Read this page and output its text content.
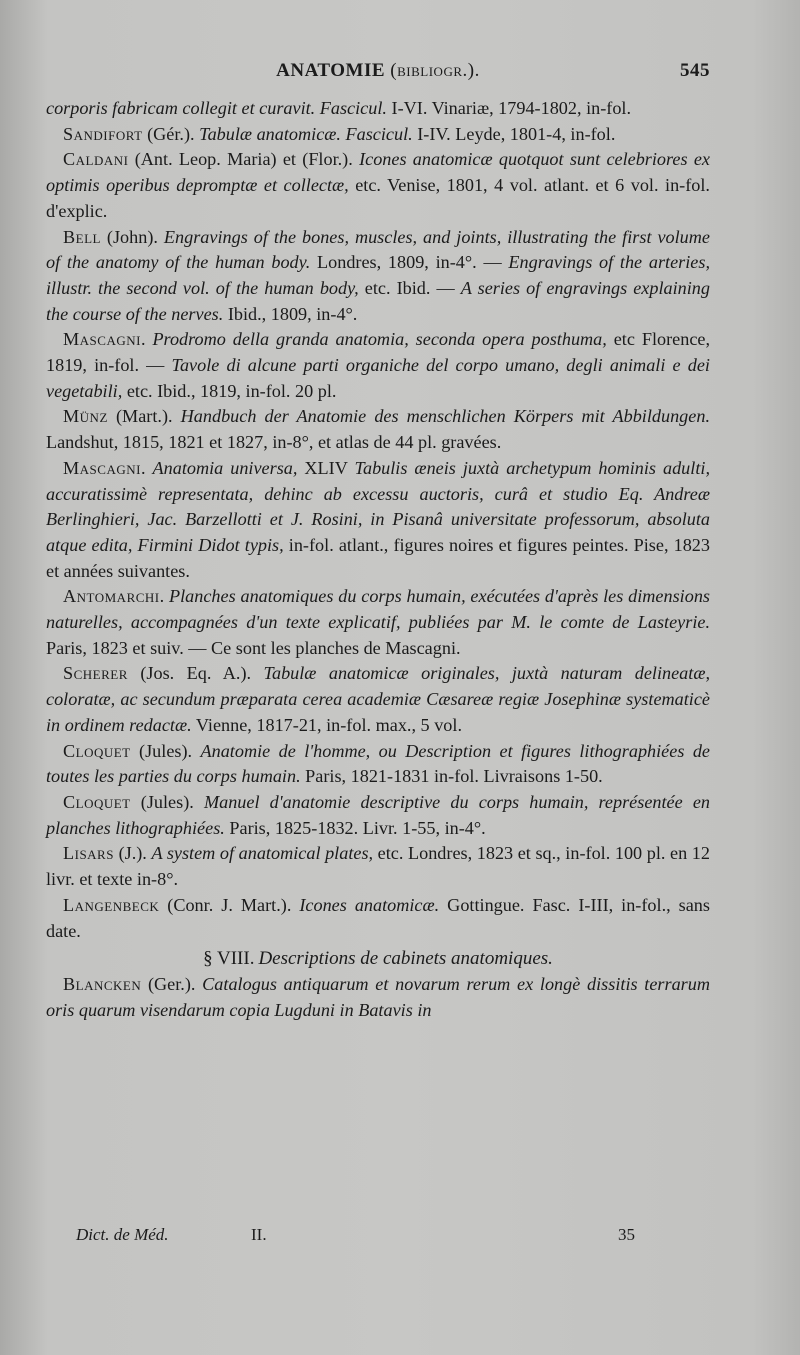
ANATOMIE (bibliogr.).	545

corporis fabricam collegit et curavit. Fascicul. I-VI. Vinariæ, 1794-1802, in-fol.

Sandifort (Gér.). Tabulæ anatomicæ. Fascicul. I-IV. Leyde, 1801-4, in-fol.

Caldani (Ant. Leop. Maria) et (Flor.). Icones anatomicæ quotquot sunt celebriores ex optimis operibus depromptæ et collectæ, etc. Venise, 1801, 4 vol. atlant. et 6 vol. in-fol. d'explic.

Bell (John). Engravings of the bones, muscles, and joints, illustrating the first volume of the anatomy of the human body. Londres, 1809, in-4°. — Engravings of the arteries, illustr. the second vol. of the human body, etc. Ibid. — A series of engravings explaining the course of the nerves. Ibid., 1809, in-4°.

Mascagni. Prodromo della granda anatomia, seconda opera posthuma, etc Florence, 1819, in-fol. — Tavole di alcune parti organiche del corpo umano, degli animali e dei vegetabili, etc. Ibid., 1819, in-fol. 20 pl.

Münz (Mart.). Handbuch der Anatomie des menschlichen Körpers mit Abbildungen. Landshut, 1815, 1821 et 1827, in-8°, et atlas de 44 pl. gravées.

Mascagni. Anatomia universa, XLIV Tabulis æneis juxtà archetypum hominis adulti, accuratissimè representata, dehinc ab excessu auctoris, curâ et studio Eq. Andreæ Berlinghieri, Jac. Barzellotti et J. Rosini, in Pisanâ universitate professorum, absoluta atque edita, Firmini Didot typis, in-fol. atlant., figures noires et figures peintes. Pise, 1823 et années suivantes.

Antomarchi. Planches anatomiques du corps humain, exécutées d'après les dimensions naturelles, accompagnées d'un texte explicatif, publiées par M. le comte de Lasteyrie. Paris, 1823 et suiv. — Ce sont les planches de Mascagni.

Scherer (Jos. Eq. A.). Tabulæ anatomicæ originales, juxtà naturam delineatæ, coloratæ, ac secundum præparata cerea academiæ Cæsareæ regiæ Josephinæ systematicè in ordinem redactæ. Vienne, 1817-21, in-fol. max., 5 vol.

Cloquet (Jules). Anatomie de l'homme, ou Description et figures lithographiées de toutes les parties du corps humain. Paris, 1821-1831 in-fol. Livraisons 1-50.

Cloquet (Jules). Manuel d'anatomie descriptive du corps humain, représentée en planches lithographiées. Paris, 1825-1832. Livr. 1-55, in-4°.

Lisars (J.). A system of anatomical plates, etc. Londres, 1823 et sq., in-fol. 100 pl. en 12 livr. et texte in-8°.

Langenbeck (Conr. J. Mart.). Icones anatomicæ. Gottingue. Fasc. I-III, in-fol., sans date.

§ VIII. Descriptions de cabinets anatomiques.

Blancken (Ger.). Catalogus antiquarum et novarum rerum ex longè dissitis terrarum oris quarum visendarum copia Lugduni in Batavis in

Dict. de Méd.	II.	35
